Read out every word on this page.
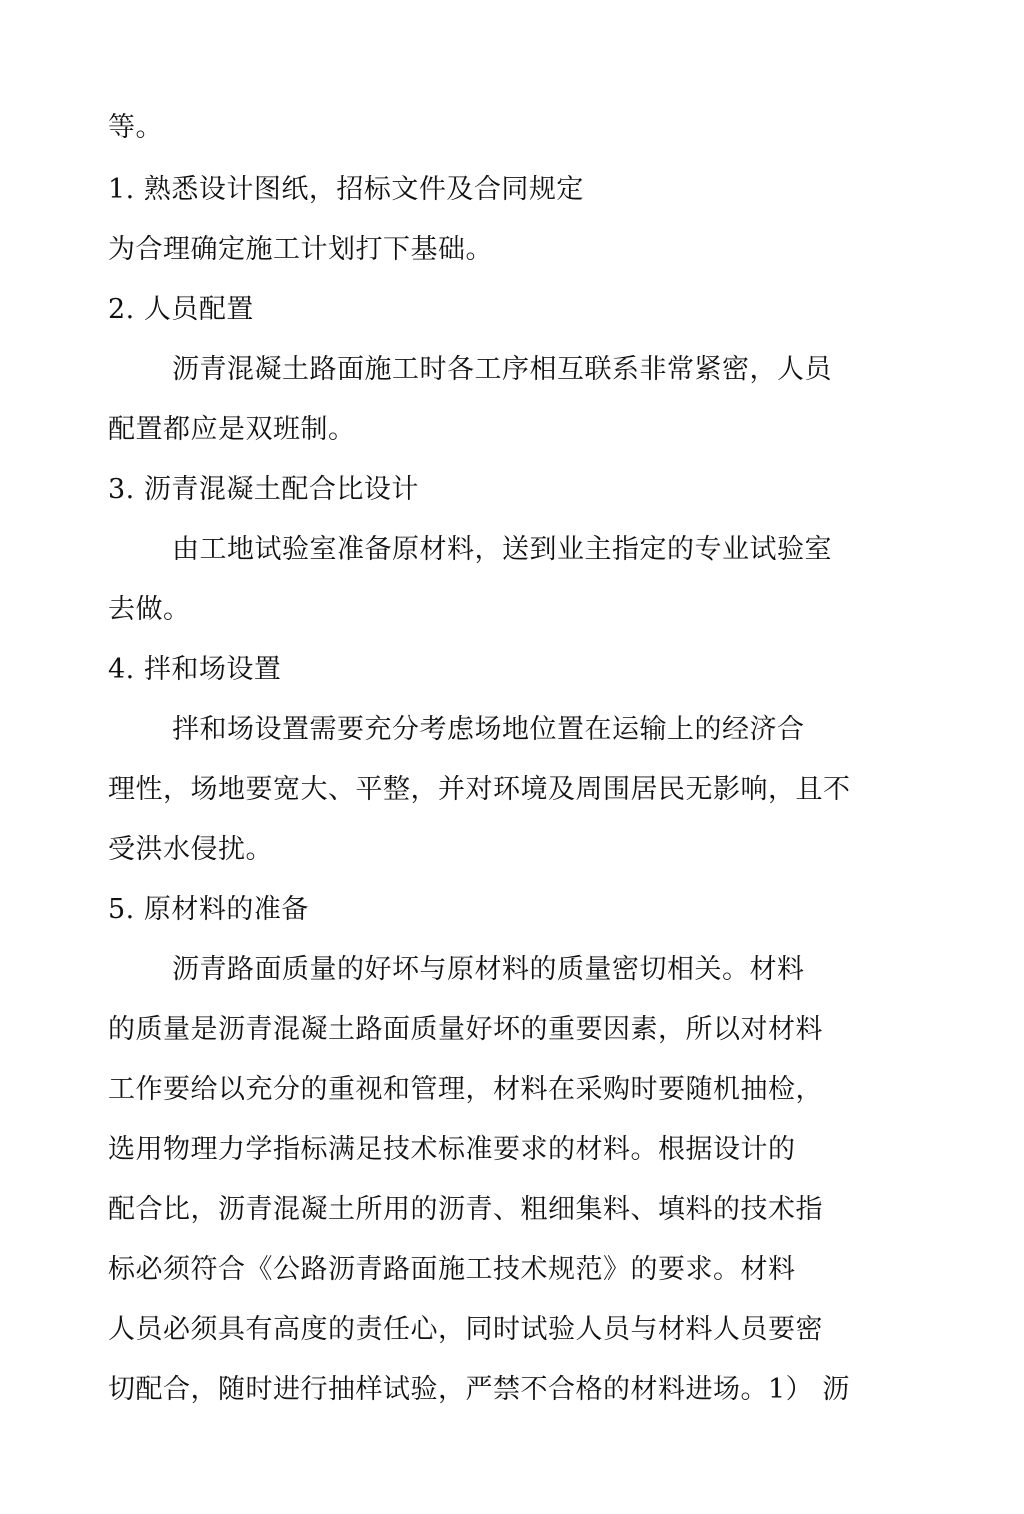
等。
1. 熟悉设计图纸，招标文件及合同规定
为合理确定施工计划打下基础。
2. 人员配置
沥青混凝土路面施工时各工序相互联系非常紧密，人员
配置都应是双班制。
3. 沥青混凝土配合比设计
由工地试验室准备原材料，送到业主指定的专业试验室
去做。
4. 拌和场设置
拌和场设置需要充分考虑场地位置在运输上的经济合
理性，场地要宽大、平整，并对环境及周围居民无影响，且不
受洪水侵扰。
5. 原材料的准备
沥青路面质量的好坏与原材料的质量密切相关。材料
的质量是沥青混凝土路面质量好坏的重要因素，所以对材料
工作要给以充分的重视和管理，材料在采购时要随机抽检，
选用物理力学指标满足技术标准要求的材料。根据设计的
配合比，沥青混凝土所用的沥青、粗细集料、填料的技术指
标必须符合《公路沥青路面施工技术规范》的要求。材料
人员必须具有高度的责任心，同时试验人员与材料人员要密
切配合，随时进行抽样试验，严禁不合格的材料进场。1） 沥
